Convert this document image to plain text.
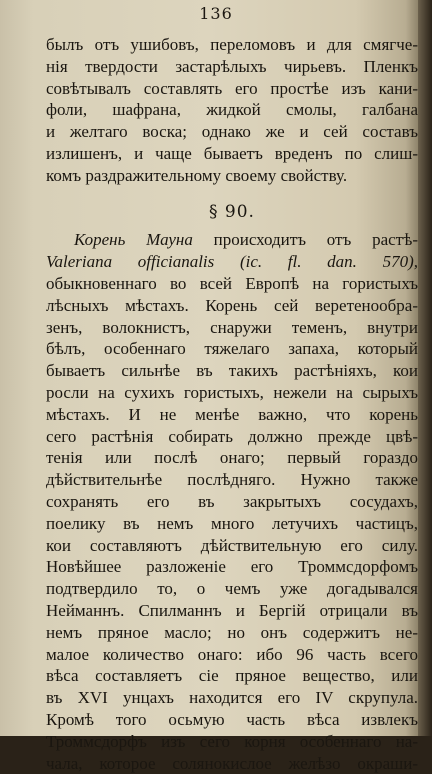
136
былъ отъ ушибовъ, переломовъ и для смягче-
нія твердости застарѣлыхъ чирьевъ. Пленкъ
совѣтывалъ составлять его простѣе изъ кани-
фоли, шафрана, жидкой смолы, галбана
и желтаго воска; однако же и сей составъ
излишенъ, и чаще бываетъ вреденъ по слиш-
комъ раздражительному своему свойству.
§ 90.
Корень Мауна происходитъ отъ растѣ-
Valeriana officianalis (ic. fl. dan. 570),
обыкновеннаго во всей Европѣ на гористыхъ
лѣсныхъ мѣстахъ. Корень сей веретенообра-
зенъ, волокнистъ, снаружи теменъ, внутри
бѣлъ, особеннаго тяжелаго запаха, который
бываетъ сильнѣе въ такихъ растѣніяхъ, кои
росли на сухихъ гористыхъ, нежели на сырыхъ
мѣстахъ. И не менѣе важно, что корень
сего растѣнія собирать должно прежде цвѣ-
тенія или послѣ онаго; первый гораздо
дѣйствительнѣе послѣдняго. Нужно также
сохранять его въ закрытыхъ сосудахъ,
поелику въ немъ много летучихъ частицъ,
кои составляютъ дѣйствительную его силу.
Новѣйшее разложеніе его Троммсдорфомъ
подтвердило то, о чемъ уже догадывался
Нейманнъ. Спилманнъ и Бергій отрицали въ
немъ пряное масло; но онъ содержитъ не-
малое количество онаго: ибо 96 часть всего
вѣса составляетъ сіе пряное вещество, или
въ XVI унцахъ находится его IV скрупула.
Кромѣ того осьмую часть вѣса извлекъ
Троммсдорфъ изъ сего корня особеннаго на-
чала, которое солянокислое желѣзо окраши-
